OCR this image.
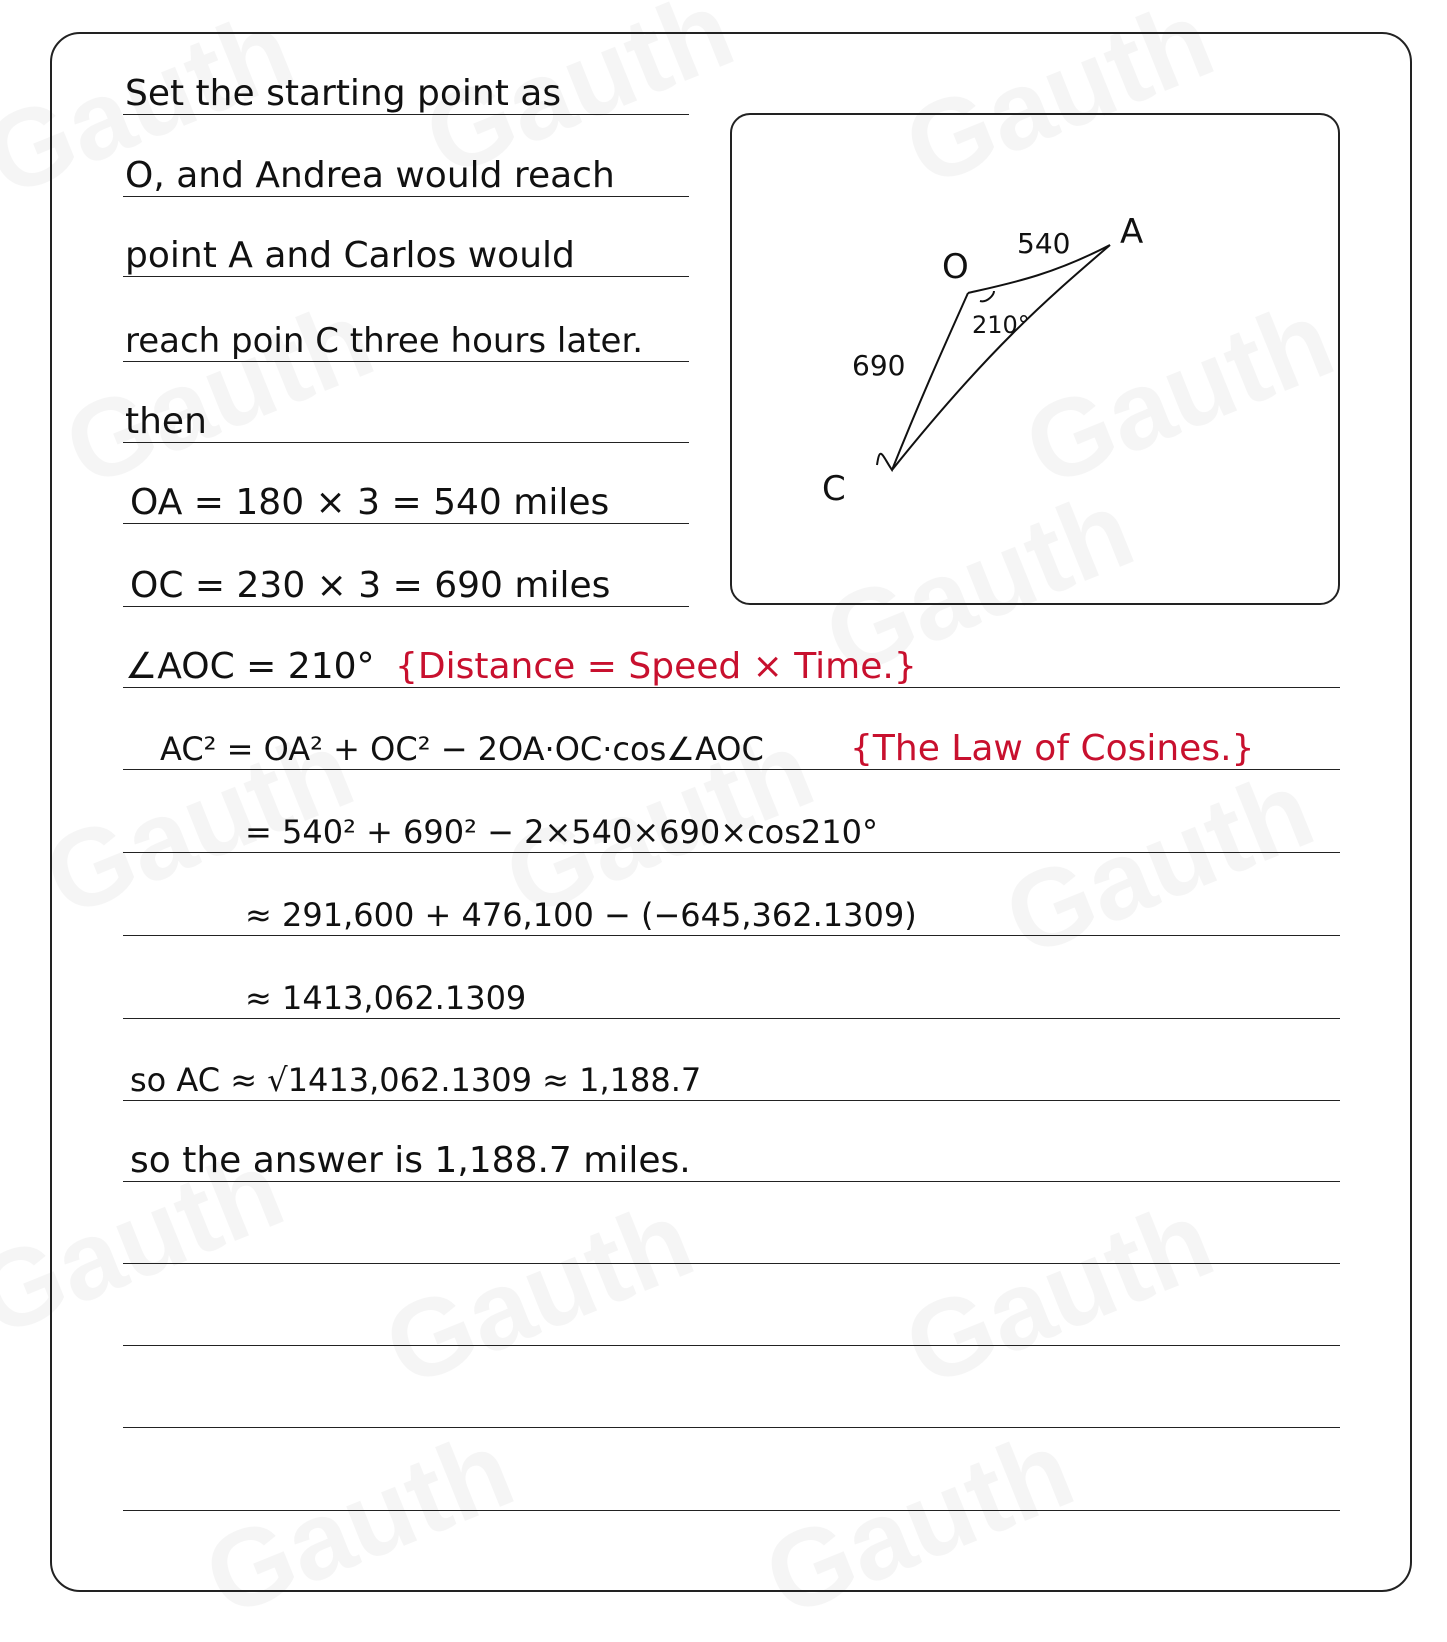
Set the starting point as
O, and Andrea would reach
point A and Carlos would
reach poin C three hours later.
then
OA = 180 × 3 = 540 miles
OC = 230 × 3 = 690 miles
∠AOC = 210° {Distance = Speed × Time.}
AC² = OA² + OC² − 2OA·OC·cos∠AOC {The Law of Cosines.}
= 540² + 690² − 2×540×690×cos210°
≈ 291,600 + 476,100 − (−645,362.1309)
≈ 1413,062.1309
so AC ≈ √1413,062.1309 ≈ 1,188.7
so the answer is 1,188.7 miles.
O
A
C
540
690
210°
